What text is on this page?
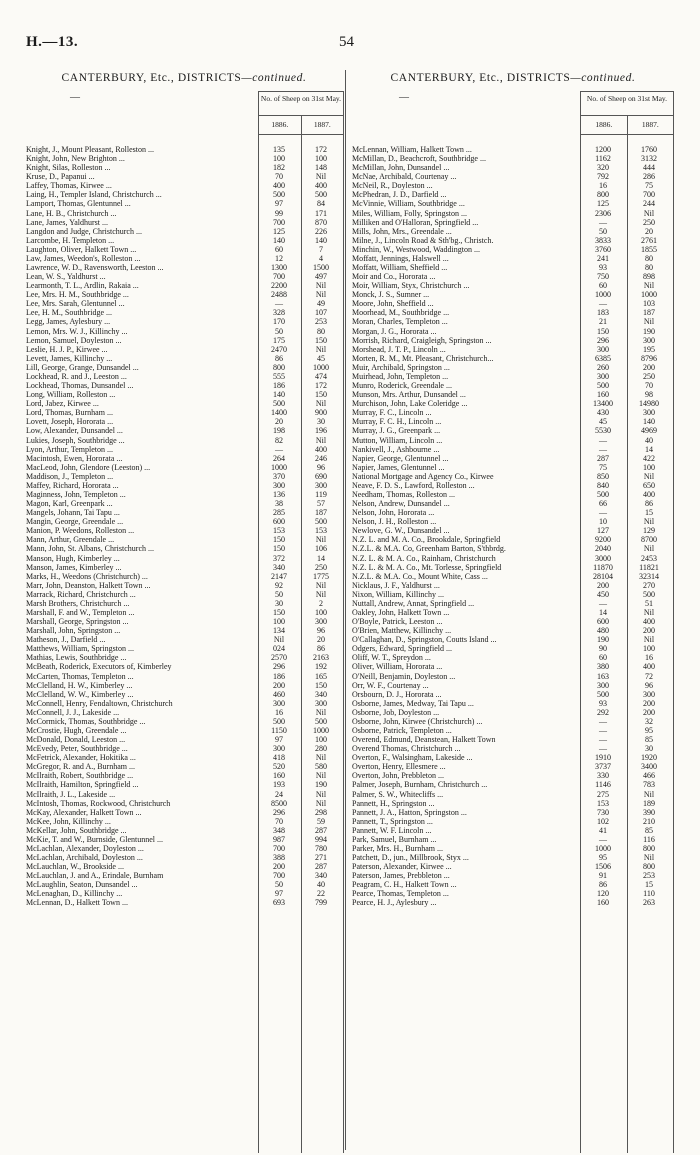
H.—13.	54
CANTERBURY, Etc., DISTRICTS—continued.
—	No. of Sheep on 31st May.
1886.	1887.
Knight, J., Mount Pleasant, Rolleston ...	135	172
Knight, John, New Brighton ...	100	100
Knight, Silas, Rolleston ...	182	148
Kruse, D., Papanui ...	70	Nil
Laffey, Thomas, Kirwee ...	400	400
Laing, H., Templer Island, Christchurch ...	500	500
Lamport, Thomas, Glentunnel ...	97	84
Lane, H. B., Christchurch ...	99	171
Lane, James, Yaldhurst ...	700	870
Langdon and Judge, Christchurch ...	125	226
Larcombe, H. Templeton ...	140	140
Laughton, Oliver, Halkett Town ...	60	7
Law, James, Weedon's, Rolleston ...	12	4
Lawrence, W. D., Ravensworth, Leeston ...	1300	1500
Lean, W. S., Yaldhurst ...	700	497
Learmonth, T. L., Ardlin, Rakaia ...	2200	Nil
Lee, Mrs. H. M., Southbridge ...	2488	Nil
Lee, Mrs. Sarah, Glentunnel ...	—	49
Lee, H. M., Southbridge ...	328	107
Legg, James, Aylesbury ...	170	253
Lemon, Mrs. W. J., Killinchy ...	50	80
Lemon, Samuel, Doyleston ...	175	150
Leslie, H. J. P., Kirwee ...	2470	Nil
Levett, James, Killinchy ...	86	45
Lill, George, Grange, Dunsandel ...	800	1000
Lockhead, R. and J., Leeston ...	555	474
Lockhead, Thomas, Dunsandel ...	186	172
Long, William, Rolleston ...	140	150
Lord, Jabez, Kirwee ...	500	Nil
Lord, Thomas, Burnham ...	1400	900
Lovett, Joseph, Hororata ...	20	30
Low, Alexander, Dunsandel ...	198	196
Lukies, Joseph, Southbridge ...	82	Nil
Lyon, Arthur, Templeton ...	—	400
Macintosh, Ewen, Hororata ...	264	246
MacLeod, John, Glendore (Leeston) ...	1000	96
Maddison, J., Templeton ...	370	690
Maffey, Richard, Hororata ...	300	300
Maginness, John, Templeton ...	136	119
Magon, Karl, Greenpark ...	38	57
Mangels, Johann, Tai Tapu ...	285	187
Mangin, George, Greendale ...	600	500
Manion, P. Weedons, Rolleston ...	153	153
Mann, Arthur, Greendale ...	150	Nil
Mann, John, St. Albans, Christchurch ...	150	106
Manson, Hugh, Kimberley ...	372	14
Manson, James, Kimberley ...	340	250
Marks, H., Weedons (Christchurch) ...	2147	1775
Marr, John, Deanston, Halkett Town ...	92	Nil
Marrack, Richard, Christchurch ...	50	Nil
Marsh Brothers, Christchurch ...	30	2
Marshall, F. and W., Templeton ...	150	100
Marshall, George, Springston ...	100	300
Marshall, John, Springston ...	134	96
Matheson, J., Darfield ...	Nil	20
Matthews, William, Springston ...	024	86
Mathias, Lewis, Southbridge ...	2570	2163
McBeath, Roderick, Executors of, Kimberley	296	192
McCarten, Thomas, Templeton ...	186	165
McClelland, H. W., Kimberley ...	200	150
McClelland, W. W., Kimberley ...	460	340
McConnell, Henry, Fendaltown, Christchurch	300	300
McConnell, J. J., Lakeside ...	16	Nil
McCormick, Thomas, Southbridge ...	500	500
McCrostie, Hugh, Greendale ...	1150	1000
McDonald, Donald, Leeston ...	97	100
McEvedy, Peter, Southbridge ...	300	280
McFetrick, Alexander, Hokitika ...	418	Nil
McGregor, R. and A., Burnham ...	520	580
McIlraith, Robert, Southbridge ...	160	Nil
McIlraith, Hamilton, Springfield ...	193	190
McIlraith, J. L., Lakeside ...	24	Nil
McIntosh, Thomas, Rockwood, Christchurch	8500	Nil
McKay, Alexander, Halkett Town ...	296	298
McKee, John, Killinchy ...	70	59
McKellar, John, Southbridge ...	348	287
McKie, T. and W., Burnside, Glentunnel ...	987	994
McLachlan, Alexander, Doyleston ...	700	780
McLachlan, Archibald, Doyleston ...	388	271
McLauchlan, W., Brookside ...	200	287
McLauchlan, J. and A., Erindale, Burnham	700	340
McLaughlin, Seaton, Dunsandel ...	50	40
McLenaghan, D., Killinchy ...	97	22
McLennan, D., Halkett Town ...	693	799
CANTERBURY, Etc., DISTRICTS—continued.
—	No. of Sheep on 31st May.
1886.	1887.
McLennan, William, Halkett Town ...	1200	1760
McMillan, D., Beachcroft, Southbridge ...	1162	3132
McMillan, John, Dunsandel ...	320	444
McNae, Archibald, Courtenay ...	792	286
McNeil, R., Doyleston ...	16	75
McPhedran, J. D., Darfield ...	800	700
McVinnie, William, Southbridge ...	125	244
Miles, William, Folly, Springston ...	2306	Nil
Milliken and O'Halloran, Springfield ...	—	250
Mills, John, Mrs., Greendale ...	50	20
Milne, J., Lincoln Road & Sth'bg., Christch.	3833	2761
Minchin, W., Westwood, Waddington ...	3760	1855
Moffatt, Jennings, Halswell ...	241	80
Moffatt, William, Sheffield ...	93	80
Moir and Co., Hororata ...	750	898
Moir, William, Styx, Christchurch ...	60	Nil
Monck, J. S., Sumner ...	1000	1000
Moore, John, Sheffield ...	—	103
Moorhead, M., Southbridge ...	183	187
Moran, Charles, Templeton ...	21	Nil
Morgan, J. G., Hororata ...	150	190
Morrish, Richard, Craigleigh, Springston ...	296	300
Morshead, J. T. P., Lincoln ...	300	195
Morten, R. M., Mt. Pleasant, Christchurch...	6385	8796
Muir, Archibald, Springston ...	260	200
Muirhead, John, Templeton ...	300	250
Munro, Roderick, Greendale ...	500	70
Munson, Mrs. Arthur, Dunsandel ...	160	98
Murchison, John, Lake Coleridge ...	13400	14980
Murray, F. C., Lincoln ...	430	300
Murray, F. C. H., Lincoln ...	45	140
Murray, J. G., Greenpark ...	5530	4969
Mutton, William, Lincoln ...	—	40
Nankivell, J., Ashbourne ...	—	14
Napier, George, Glentunnel ...	287	422
Napier, James, Glentunnel ...	75	100
National Mortgage and Agency Co., Kirwee	850	Nil
Neave, F. D. S., Lawford, Rolleston ...	840	650
Needham, Thomas, Rolleston ...	500	400
Nelson, Andrew, Dunsandel ...	66	86
Nelson, John, Hororata ...	—	15
Nelson, J. H., Rolleston ...	10	Nil
Newlove, G. W., Dunsandel ...	127	129
N.Z. L. and M. A. Co., Brookdale, Springfield	9200	8700
N.Z.L. & M.A. Co, Greenham Barton, S'thbrdg.	2040	Nil
N.Z. L. & M. A. Co., Rainham, Christchurch	3000	2453
N.Z. L. & M. A. Co., Mt. Torlesse, Springfield	11870	11821
N.Z.L. & M.A. Co., Mount White, Cass ...	28104	32314
Nicklaus, J. F., Yaldhurst ...	200	270
Nixon, William, Killinchy ...	450	500
Nuttall, Andrew, Annat, Springfield ...	—	51
Oakley, John, Halkett Town ...	14	Nil
O'Boyle, Patrick, Leeston ...	600	400
O'Brien, Matthew, Killinchy ...	480	200
O'Callaghan, D., Springston, Coutts Island ...	190	Nil
Odgers, Edward, Springfield ...	90	100
Oliff, W. T., Spreydon ...	60	16
Oliver, William, Hororata ...	380	400
O'Neill, Benjamin, Doyleston ...	163	72
Orr, W. F., Courtenay ...	300	96
Orsbourn, D. J., Hororata ...	500	300
Osborne, James, Medway, Tai Tapu ...	93	200
Osborne, Job, Doyleston ...	292	200
Osborne, John, Kirwee (Christchurch) ...	—	32
Osborne, Patrick, Templeton ...	—	95
Overend, Edmund, Deanstean, Halkett Town	—	85
Overend Thomas, Christchurch ...	—	30
Overton, F., Walsingham, Lakeside ...	1910	1920
Overton, Henry, Ellesmere ...	3737	3400
Overton, John, Prebbleton ...	330	466
Palmer, Joseph, Burnham, Christchurch ...	1146	783
Palmer, S. W., Whitecliffs ...	275	Nil
Pannett, H., Springston ...	153	189
Pannett, J. A., Hatton, Springston ...	730	390
Pannett, T., Springston ...	102	210
Pannett, W. F. Lincoln ...	41	85
Park, Samuel, Burnham ...	—	116
Parker, Mrs. H., Burnham ...	1000	800
Patchett, D., jun., Millbrook, Styx ...	95	Nil
Paterson, Alexander, Kirwee ...	1506	800
Paterson, James, Prebbleton ...	91	253
Peagram, C. H., Halkett Town ...	86	15
Pearce, Thomas, Templeton ...	120	110
Pearce, H. J., Aylesbury ...	160	263
